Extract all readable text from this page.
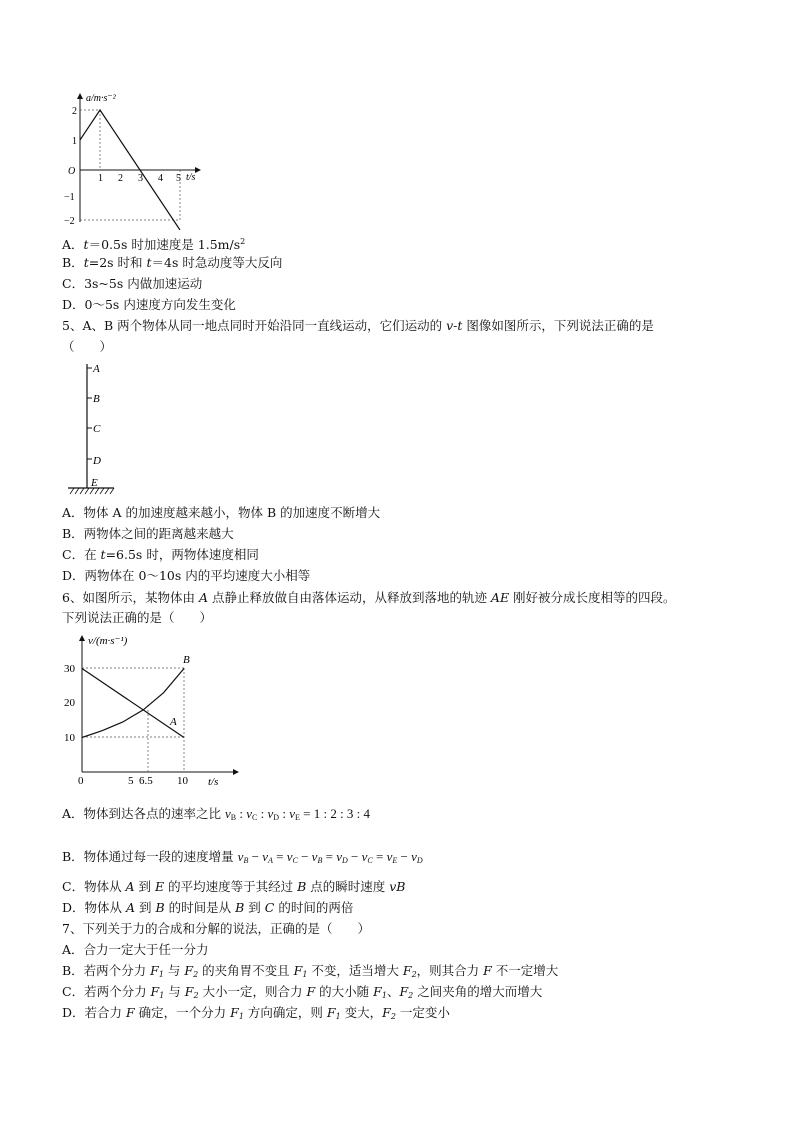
a/m·s⁻²
O
t/s
1 2 3 4 5
2
1
−1
−2
A．t＝0.5s 时加速度是 $1.5m/s^2$
B．t=2s 时和 t＝4s 时急动度等大反向
C．3s~5s 内做加速运动
D．0～5s 内速度方向发生变化
5、A、B 两个物体从同一地点同时开始沿同一直线运动，它们运动的 v-t 图像如图所示，下列说法正确的是
（　　）
A
B
C
D
E
A．物体 A 的加速度越来越小，物体 B 的加速度不断增大
B．两物体之间的距离越来越大
C．在 t=6.5s 时，两物体速度相同
D．两物体在 0～10s 内的平均速度大小相等
6、如图所示，某物体由 A 点静止释放做自由落体运动，从释放到落地的轨迹 AE 刚好被分成长度相等的四段。
下列说法正确的是（　　）
v/(m·s⁻¹)
t/s
B
A
30
20
10
0	5 6.5 10
A．物体到达各点的速率之比 vB : vC : vD : vE = 1 : 2 : 3 : 4
B．物体通过每一段的速度增量 $v_B - v_A = v_C - v_B = v_D - v_C = v_E - v_D$
C．物体从 A 到 E 的平均速度等于其经过 B 点的瞬时速度 vB
D．物体从 A 到 B 的时间是从 B 到 C 的时间的两倍
7、下列关于力的合成和分解的说法，正确的是（　　）
A．合力一定大于任一分力
B．若两个分力 $F_1$ 与 $F_2$ 的夹角胃不变且 $F_1$ 不变，适当增大 $F_2$，则其合力 F 不一定增大
C．若两个分力 $F_1$ 与 $F_2$ 大小一定，则合力 F 的大小随 $F_1$、$F_2$ 之间夹角的增大而增大
D．若合力 F 确定，一个分力 $F_1$ 方向确定，则 $F_1$ 变大，$F_2$ 一定变小
